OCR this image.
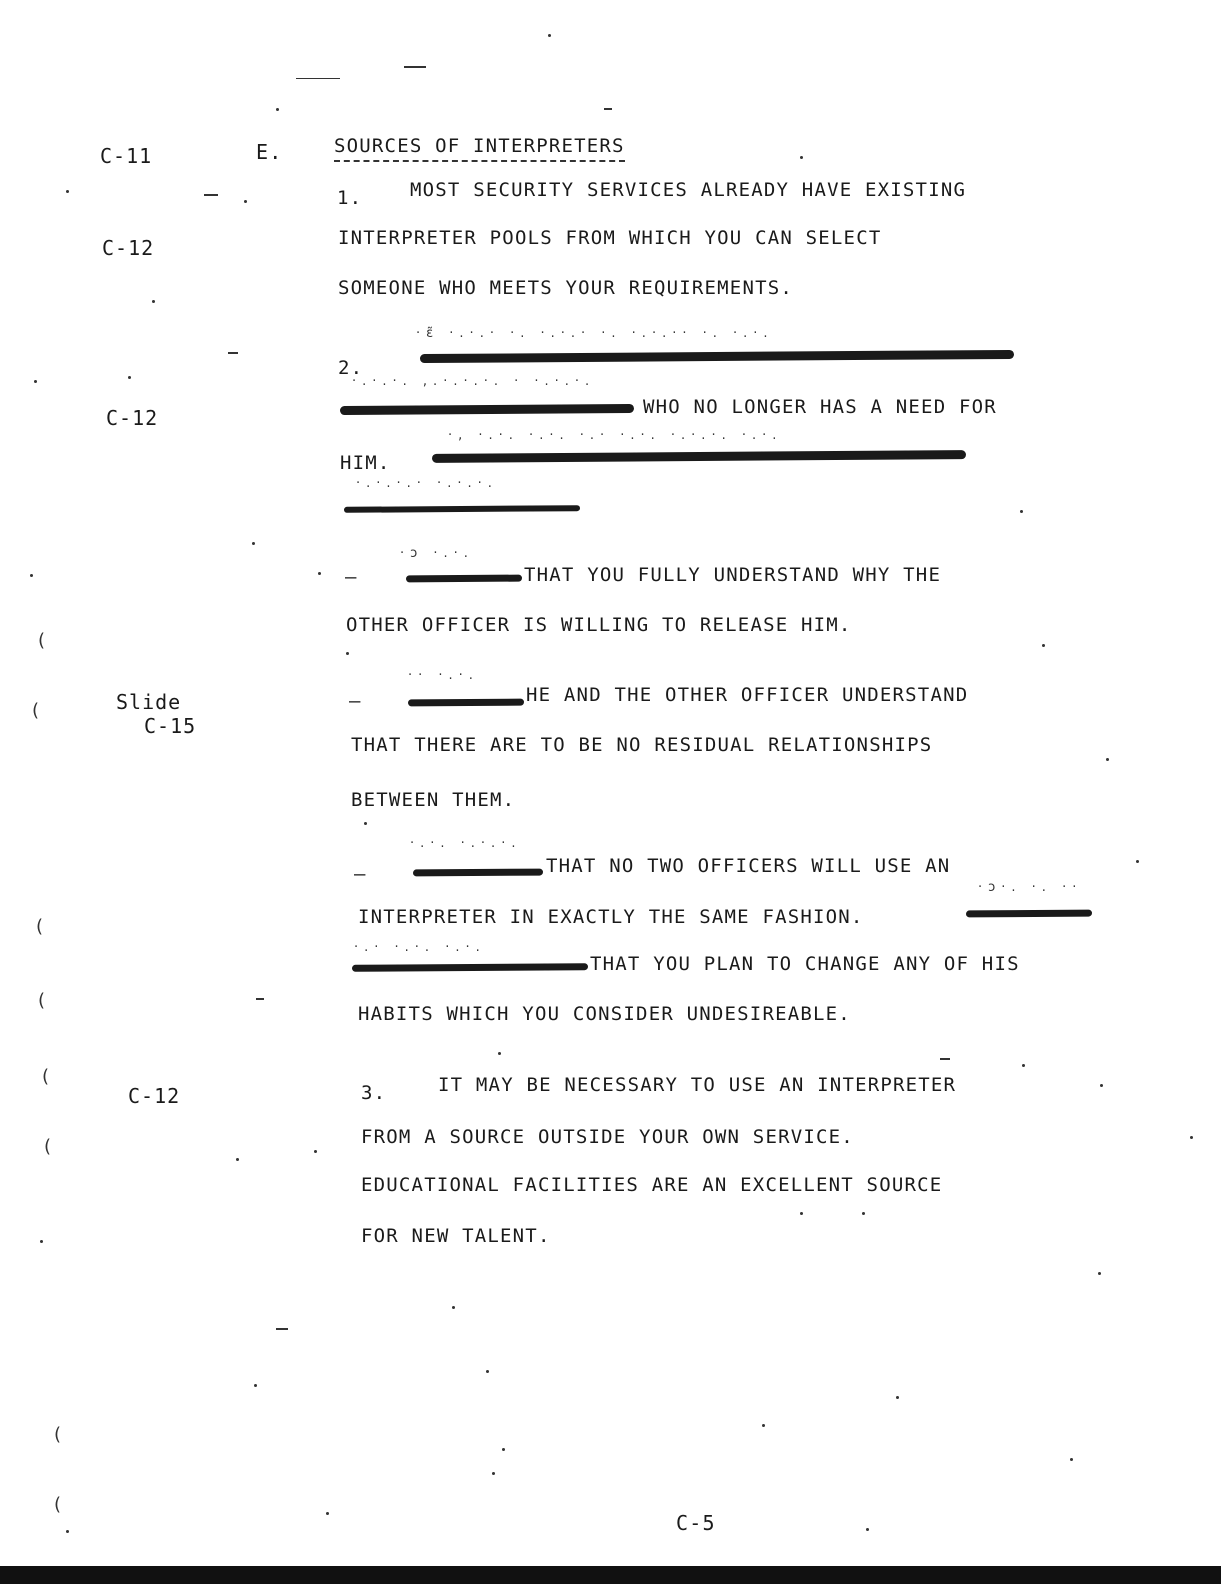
C-11
C-12
C-12
Slide
C-15
C-12
E.	SOURCES OF INTERPRETERS
1.	MOST SECURITY SERVICES ALREADY HAVE EXISTING
INTERPRETER POOLS FROM WHICH YOU CAN SELECT
SOMEONE WHO MEETS YOUR REQUIREMENTS.
·ɛ̃ ·.·.· ·. ·.·.· ·. ·.·.·· ·. ·.·.
2.
·.·.·. ,.·.·.·. · ·.·.·.
WHO NO LONGER HAS A NEED FOR
·, ·.·. ·.·. ·.· ·.·. ·.·.·. ·.·.
HIM.
·.·.·.· ·.·.·.
·ɔ ·.·.
–	THAT YOU FULLY UNDERSTAND WHY THE
OTHER OFFICER IS WILLING TO RELEASE HIM.
·· ·.·.
–	HE AND THE OTHER OFFICER UNDERSTAND
THAT THERE ARE TO BE NO RESIDUAL RELATIONSHIPS
BETWEEN THEM.
·.·. ·.·.·.
–	THAT NO TWO OFFICERS WILL USE AN
·ɔ·. ·. ··
INTERPRETER IN EXACTLY THE SAME FASHION.
·.· ·.·. ·.·.
THAT YOU PLAN TO CHANGE ANY OF HIS
HABITS WHICH YOU CONSIDER UNDESIREABLE.
3.	IT MAY BE NECESSARY TO USE AN INTERPRETER
FROM A SOURCE OUTSIDE YOUR OWN SERVICE.
EDUCATIONAL FACILITIES ARE AN EXCELLENT SOURCE
FOR NEW TALENT.
C-5
(
(
(
(
(
(
(
(
